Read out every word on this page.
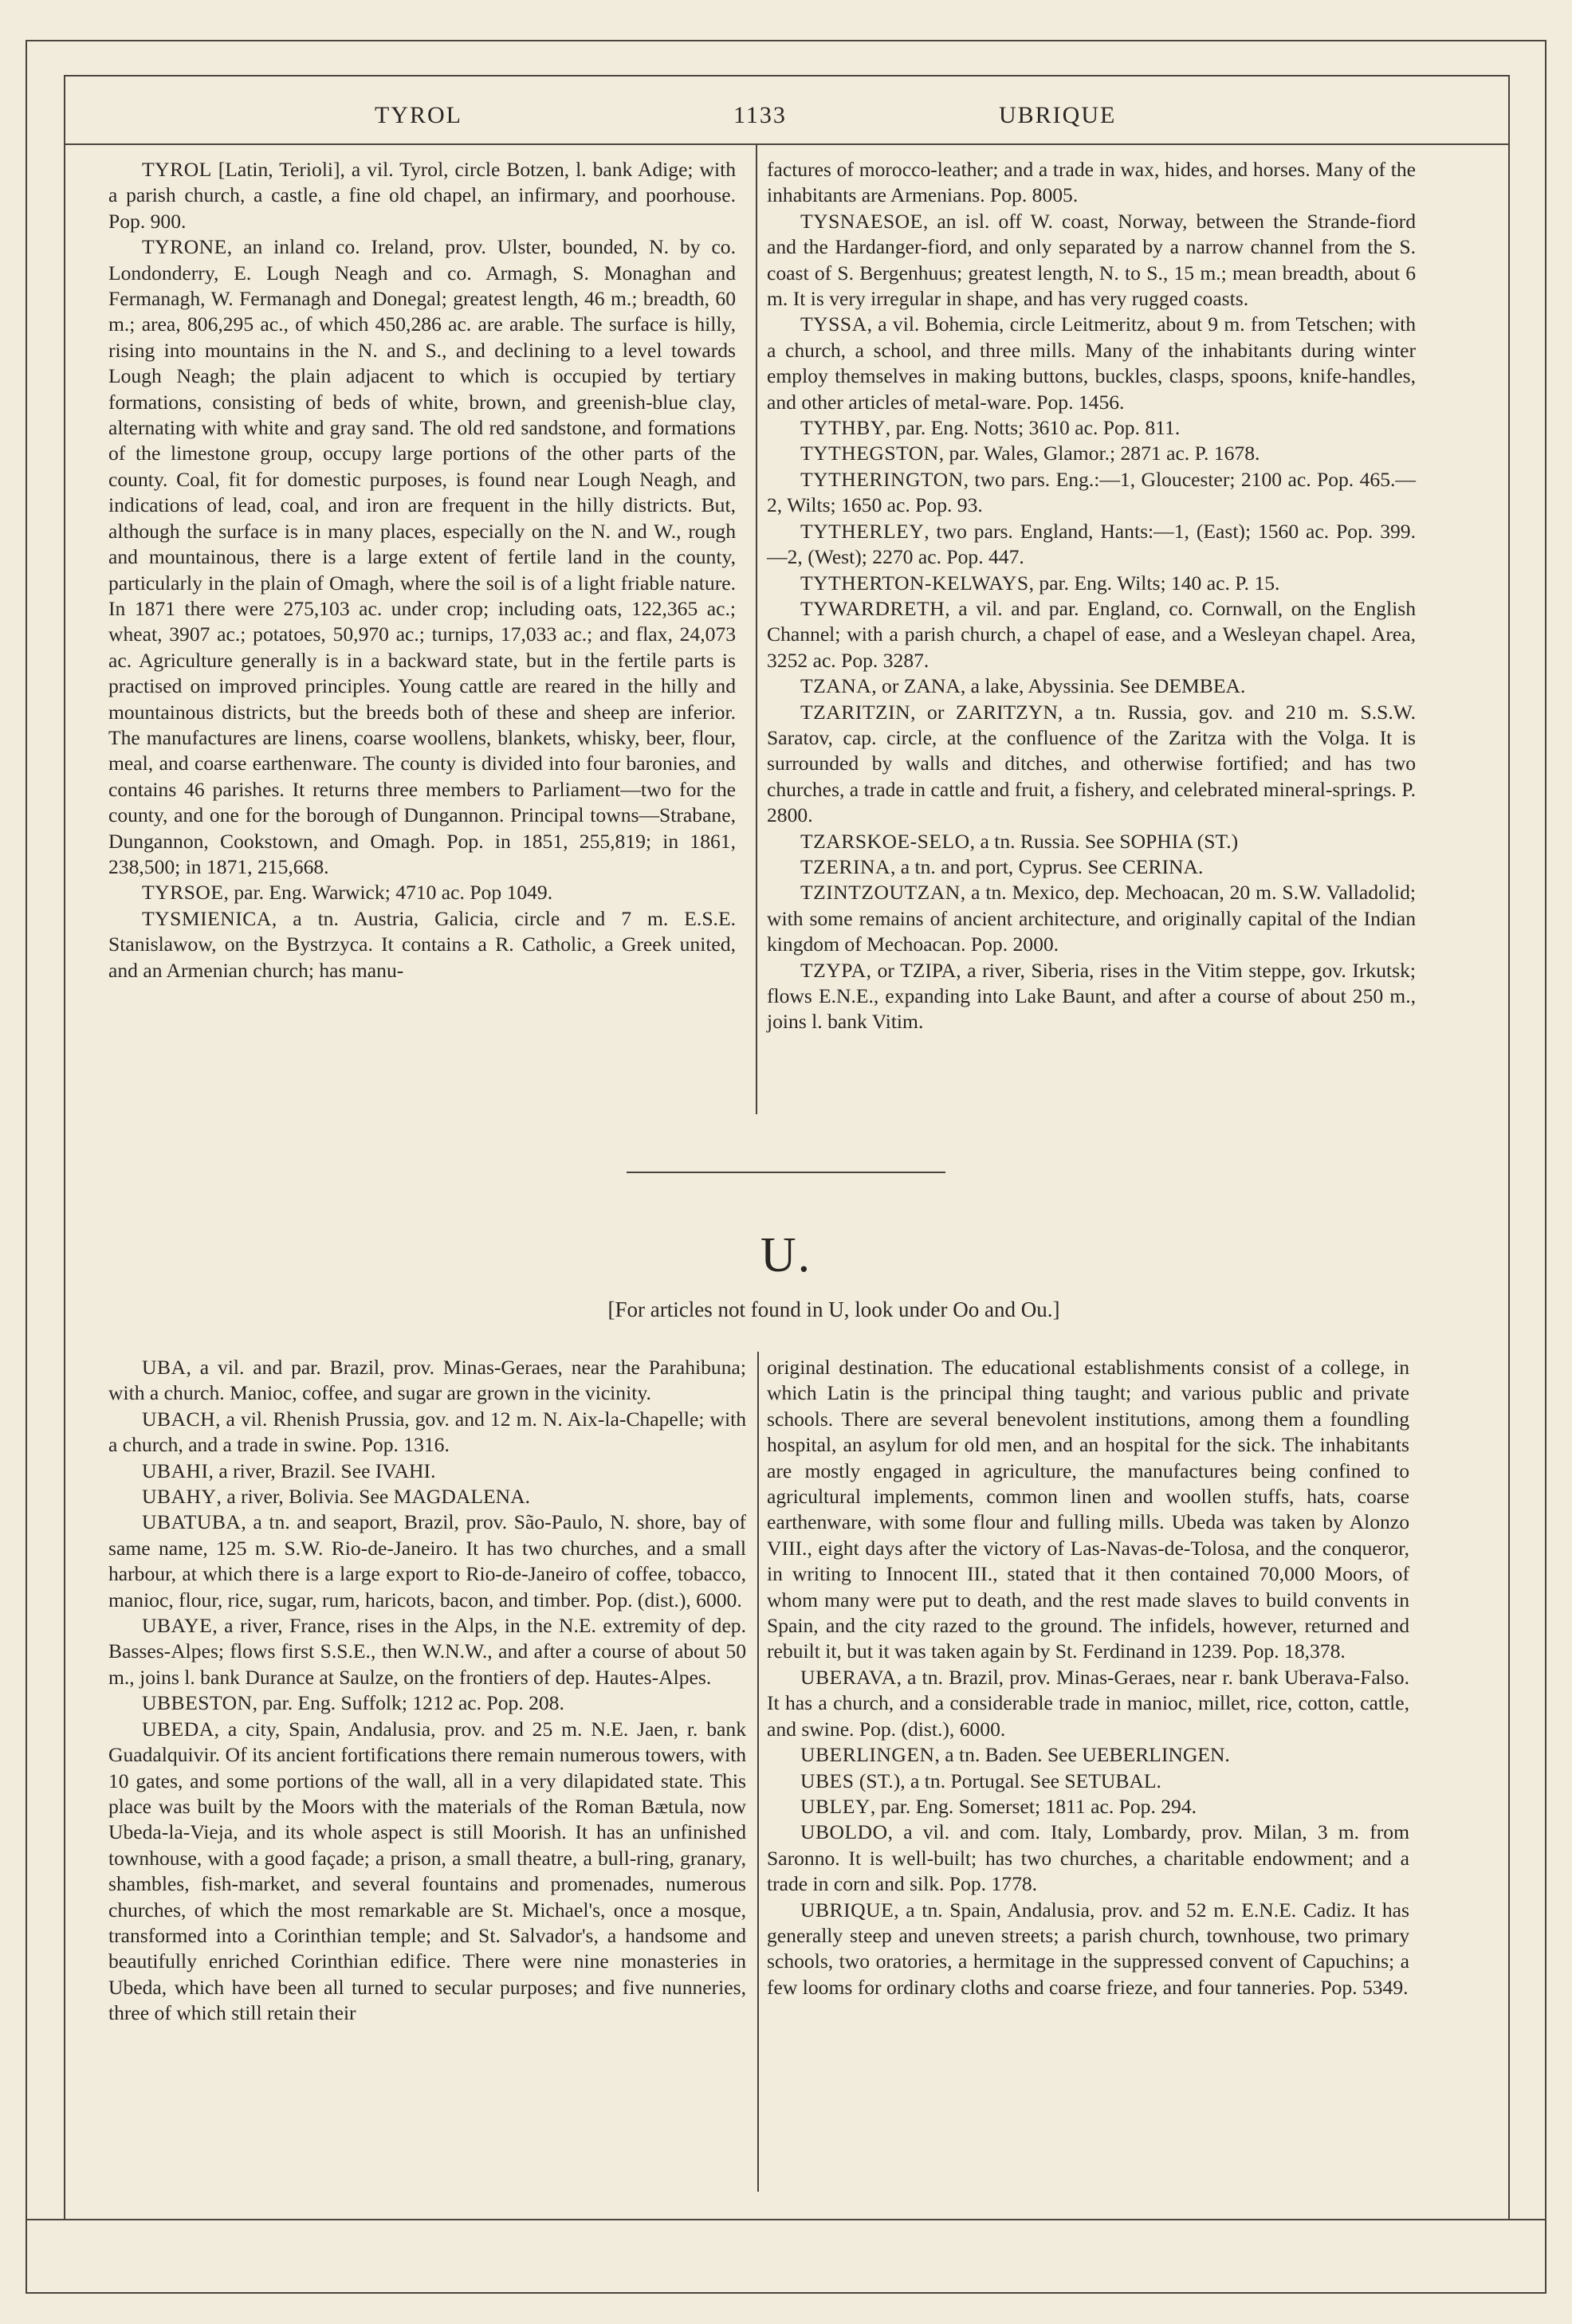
TYROL	1133	UBRIQUE

TYROL [Latin, Terioli], a vil. Tyrol, circle Botzen, l. bank Adige; with a parish church, a castle, a fine old chapel, an infirmary, and poorhouse. Pop. 900.

TYRONE, an inland co. Ireland, prov. Ulster, bounded, N. by co. Londonderry, E. Lough Neagh and co. Armagh, S. Monaghan and Fermanagh, W. Fermanagh and Donegal; greatest length, 46 m.; breadth, 60 m.; area, 806,295 ac., of which 450,286 ac. are arable. The surface is hilly, rising into mountains in the N. and S., and declining to a level towards Lough Neagh; the plain adjacent to which is occupied by tertiary formations, consisting of beds of white, brown, and greenish-blue clay, alternating with white and gray sand. The old red sandstone, and formations of the limestone group, occupy large portions of the other parts of the county. Coal, fit for domestic purposes, is found near Lough Neagh, and indications of lead, coal, and iron are frequent in the hilly districts. But, although the surface is in many places, especially on the N. and W., rough and mountainous, there is a large extent of fertile land in the county, particularly in the plain of Omagh, where the soil is of a light friable nature. In 1871 there were 275,103 ac. under crop; including oats, 122,365 ac.; wheat, 3907 ac.; potatoes, 50,970 ac.; turnips, 17,033 ac.; and flax, 24,073 ac. Agriculture generally is in a backward state, but in the fertile parts is practised on improved principles. Young cattle are reared in the hilly and mountainous districts, but the breeds both of these and sheep are inferior. The manufactures are linens, coarse woollens, blankets, whisky, beer, flour, meal, and coarse earthenware. The county is divided into four baronies, and contains 46 parishes. It returns three members to Parliament—two for the county, and one for the borough of Dungannon. Principal towns—Strabane, Dungannon, Cookstown, and Omagh. Pop. in 1851, 255,819; in 1861, 238,500; in 1871, 215,668.

TYRSOE, par. Eng. Warwick; 4710 ac. Pop 1049.

TYSMIENICA, a tn. Austria, Galicia, circle and 7 m. E.S.E. Stanislawow, on the Bystrzyca. It contains a R. Catholic, a Greek united, and an Armenian church; has manu-

factures of morocco-leather; and a trade in wax, hides, and horses. Many of the inhabitants are Armenians. Pop. 8005.

TYSNAESOE, an isl. off W. coast, Norway, between the Strande-fiord and the Hardanger-fiord, and only separated by a narrow channel from the S. coast of S. Bergenhuus; greatest length, N. to S., 15 m.; mean breadth, about 6 m. It is very irregular in shape, and has very rugged coasts.

TYSSA, a vil. Bohemia, circle Leitmeritz, about 9 m. from Tetschen; with a church, a school, and three mills. Many of the inhabitants during winter employ themselves in making buttons, buckles, clasps, spoons, knife-handles, and other articles of metal-ware. Pop. 1456.

TYTHBY, par. Eng. Notts; 3610 ac. Pop. 811.

TYTHEGSTON, par. Wales, Glamor.; 2871 ac. P. 1678.

TYTHERINGTON, two pars. Eng.:—1, Gloucester; 2100 ac. Pop. 465.—2, Wilts; 1650 ac. Pop. 93.

TYTHERLEY, two pars. England, Hants:—1, (East); 1560 ac. Pop. 399.—2, (West); 2270 ac. Pop. 447.

TYTHERTON-KELWAYS, par. Eng. Wilts; 140 ac. P. 15.

TYWARDRETH, a vil. and par. England, co. Cornwall, on the English Channel; with a parish church, a chapel of ease, and a Wesleyan chapel. Area, 3252 ac. Pop. 3287.

TZANA, or ZANA, a lake, Abyssinia. See DEMBEA.

TZARITZIN, or ZARITZYN, a tn. Russia, gov. and 210 m. S.S.W. Saratov, cap. circle, at the confluence of the Zaritza with the Volga. It is surrounded by walls and ditches, and otherwise fortified; and has two churches, a trade in cattle and fruit, a fishery, and celebrated mineral-springs. P. 2800.

TZARSKOE-SELO, a tn. Russia. See SOPHIA (ST.)

TZERINA, a tn. and port, Cyprus. See CERINA.

TZINTZOUTZAN, a tn. Mexico, dep. Mechoacan, 20 m. S.W. Valladolid; with some remains of ancient architecture, and originally capital of the Indian kingdom of Mechoacan. Pop. 2000.

TZYPA, or TZIPA, a river, Siberia, rises in the Vitim steppe, gov. Irkutsk; flows E.N.E., expanding into Lake Baunt, and after a course of about 250 m., joins l. bank Vitim.

U.
[For articles not found in U, look under Oo and Ou.]

UBA, a vil. and par. Brazil, prov. Minas-Geraes, near the Parahibuna; with a church. Manioc, coffee, and sugar are grown in the vicinity.

UBACH, a vil. Rhenish Prussia, gov. and 12 m. N. Aix-la-Chapelle; with a church, and a trade in swine. Pop. 1316.

UBAHI, a river, Brazil. See IVAHI.

UBAHY, a river, Bolivia. See MAGDALENA.

UBATUBA, a tn. and seaport, Brazil, prov. São-Paulo, N. shore, bay of same name, 125 m. S.W. Rio-de-Janeiro. It has two churches, and a small harbour, at which there is a large export to Rio-de-Janeiro of coffee, tobacco, manioc, flour, rice, sugar, rum, haricots, bacon, and timber. Pop. (dist.), 6000.

UBAYE, a river, France, rises in the Alps, in the N.E. extremity of dep. Basses-Alpes; flows first S.S.E., then W.N.W., and after a course of about 50 m., joins l. bank Durance at Saulze, on the frontiers of dep. Hautes-Alpes.

UBBESTON, par. Eng. Suffolk; 1212 ac. Pop. 208.

UBEDA, a city, Spain, Andalusia, prov. and 25 m. N.E. Jaen, r. bank Guadalquivir. Of its ancient fortifications there remain numerous towers, with 10 gates, and some portions of the wall, all in a very dilapidated state. This place was built by the Moors with the materials of the Roman Bætula, now Ubeda-la-Vieja, and its whole aspect is still Moorish. It has an unfinished townhouse, with a good façade; a prison, a small theatre, a bull-ring, granary, shambles, fish-market, and several fountains and promenades, numerous churches, of which the most remarkable are St. Michael's, once a mosque, transformed into a Corinthian temple; and St. Salvador's, a handsome and beautifully enriched Corinthian edifice. There were nine monasteries in Ubeda, which have been all turned to secular purposes; and five nunneries, three of which still retain their

original destination. The educational establishments consist of a college, in which Latin is the principal thing taught; and various public and private schools. There are several benevolent institutions, among them a foundling hospital, an asylum for old men, and an hospital for the sick. The inhabitants are mostly engaged in agriculture, the manufactures being confined to agricultural implements, common linen and woollen stuffs, hats, coarse earthenware, with some flour and fulling mills. Ubeda was taken by Alonzo VIII., eight days after the victory of Las-Navas-de-Tolosa, and the conqueror, in writing to Innocent III., stated that it then contained 70,000 Moors, of whom many were put to death, and the rest made slaves to build convents in Spain, and the city razed to the ground. The infidels, however, returned and rebuilt it, but it was taken again by St. Ferdinand in 1239. Pop. 18,378.

UBERAVA, a tn. Brazil, prov. Minas-Geraes, near r. bank Uberava-Falso. It has a church, and a considerable trade in manioc, millet, rice, cotton, cattle, and swine. Pop. (dist.), 6000.

UBERLINGEN, a tn. Baden. See UEBERLINGEN.

UBES (ST.), a tn. Portugal. See SETUBAL.

UBLEY, par. Eng. Somerset; 1811 ac. Pop. 294.

UBOLDO, a vil. and com. Italy, Lombardy, prov. Milan, 3 m. from Saronno. It is well-built; has two churches, a charitable endowment; and a trade in corn and silk. Pop. 1778.

UBRIQUE, a tn. Spain, Andalusia, prov. and 52 m. E.N.E. Cadiz. It has generally steep and uneven streets; a parish church, townhouse, two primary schools, two oratories, a hermitage in the suppressed convent of Capuchins; a few looms for ordinary cloths and coarse frieze, and four tanneries. Pop. 5349.
